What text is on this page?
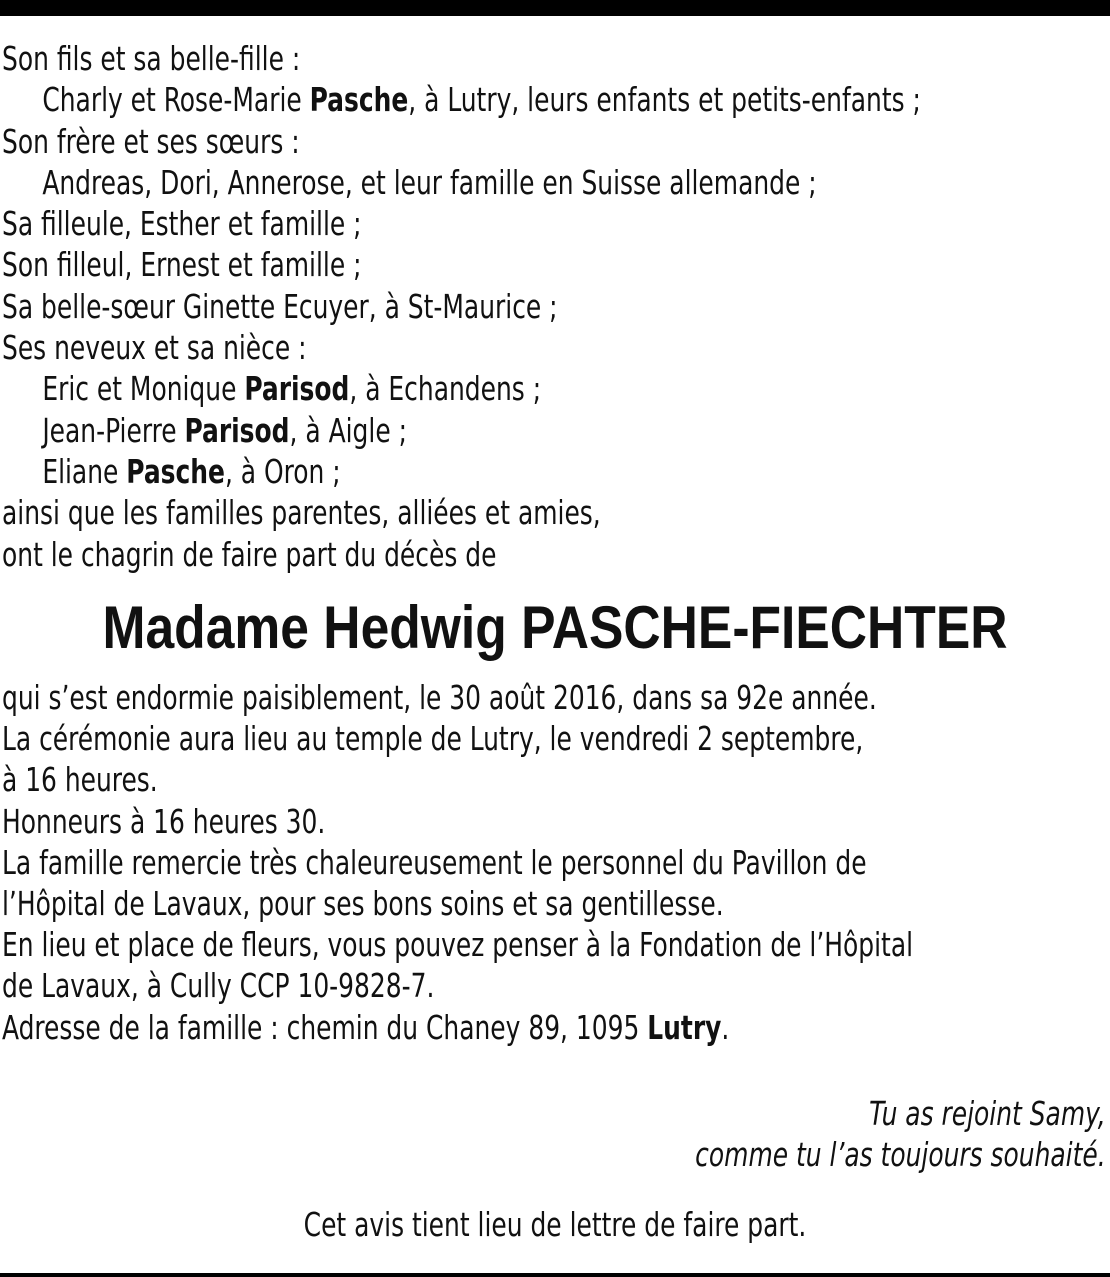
Son fils et sa belle-fille :
Charly et Rose-Marie Pasche, à Lutry, leurs enfants et petits-enfants ;
Son frère et ses sœurs :
Andreas, Dori, Annerose, et leur famille en Suisse allemande ;
Sa filleule, Esther et famille ;
Son filleul, Ernest et famille ;
Sa belle-sœur Ginette Ecuyer, à St-Maurice ;
Ses neveux et sa nièce :
Eric et Monique Parisod, à Echandens ;
Jean-Pierre Parisod, à Aigle ;
Eliane Pasche, à Oron ;
ainsi que les familles parentes, alliées et amies,
ont le chagrin de faire part du décès de
Madame Hedwig PASCHE-FIECHTER
qui s’est endormie paisiblement, le 30 août 2016, dans sa 92e année.
La cérémonie aura lieu au temple de Lutry, le vendredi 2 septembre,
à 16 heures.
Honneurs à 16 heures 30.
La famille remercie très chaleureusement le personnel du Pavillon de
l’Hôpital de Lavaux, pour ses bons soins et sa gentillesse.
En lieu et place de fleurs, vous pouvez penser à la Fondation de l’Hôpital
de Lavaux, à Cully CCP 10-9828-7.
Adresse de la famille : chemin du Chaney 89, 1095 Lutry.
Tu as rejoint Samy,
comme tu l’as toujours souhaité.
Cet avis tient lieu de lettre de faire part.
